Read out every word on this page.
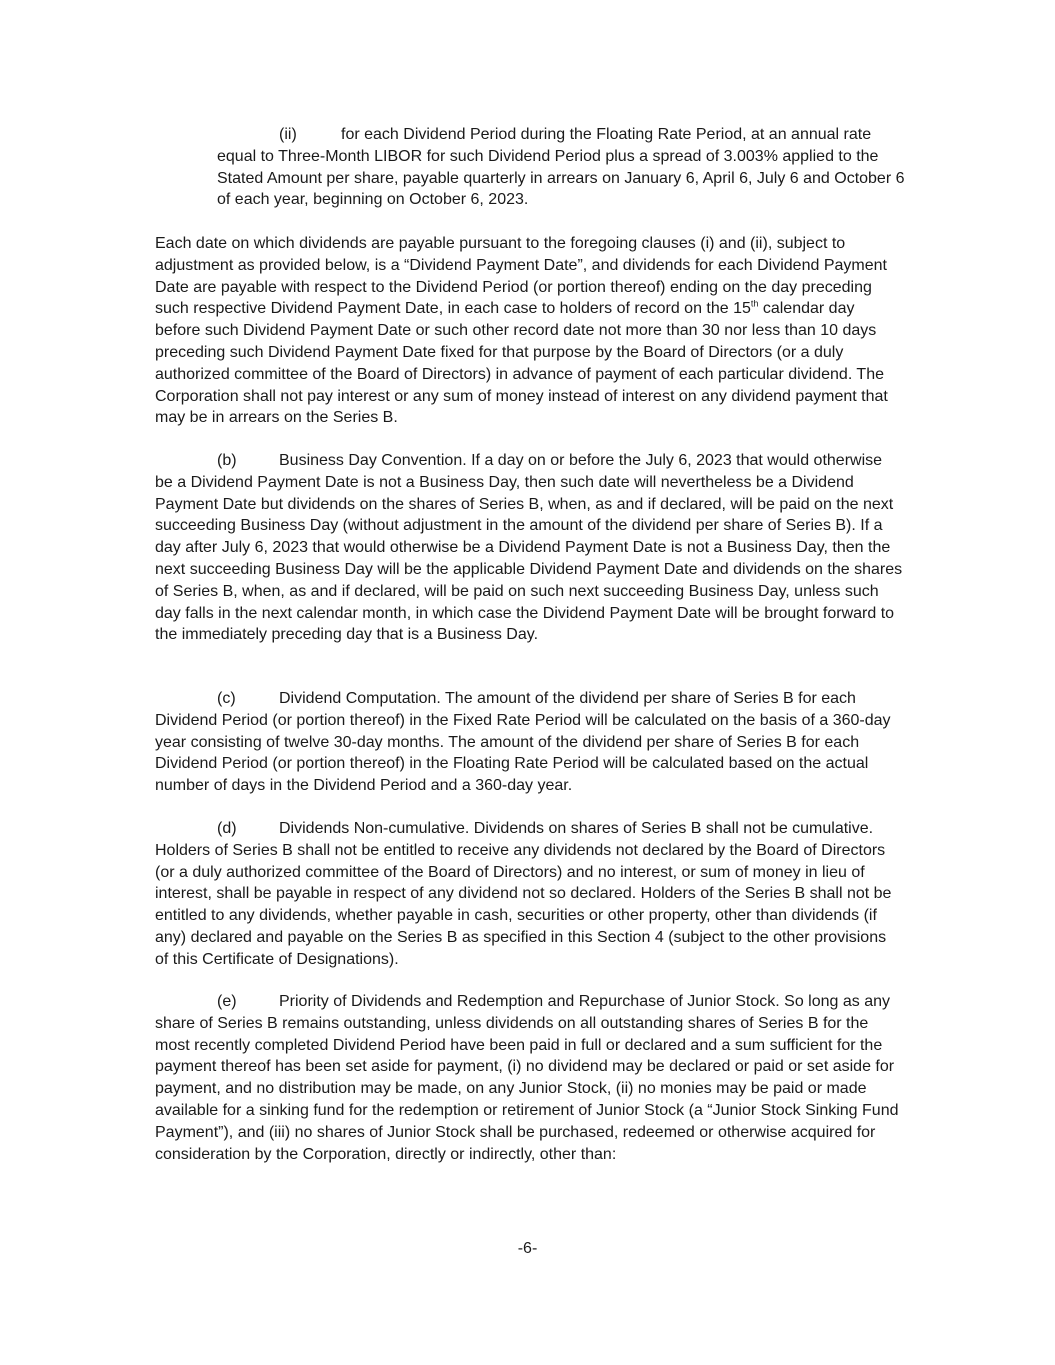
(ii)	for each Dividend Period during the Floating Rate Period, at an annual rate equal to Three-Month LIBOR for such Dividend Period plus a spread of 3.003% applied to the Stated Amount per share, payable quarterly in arrears on January 6, April 6, July 6 and October 6 of each year, beginning on October 6, 2023.

Each date on which dividends are payable pursuant to the foregoing clauses (i) and (ii), subject to adjustment as provided below, is a “Dividend Payment Date”, and dividends for each Dividend Payment Date are payable with respect to the Dividend Period (or portion thereof) ending on the day preceding such respective Dividend Payment Date, in each case to holders of record on the 15th calendar day before such Dividend Payment Date or such other record date not more than 30 nor less than 10 days preceding such Dividend Payment Date fixed for that purpose by the Board of Directors (or a duly authorized committee of the Board of Directors) in advance of payment of each particular dividend. The Corporation shall not pay interest or any sum of money instead of interest on any dividend payment that may be in arrears on the Series B.

(b)	Business Day Convention. If a day on or before the July 6, 2023 that would otherwise be a Dividend Payment Date is not a Business Day, then such date will nevertheless be a Dividend Payment Date but dividends on the shares of Series B, when, as and if declared, will be paid on the next succeeding Business Day (without adjustment in the amount of the dividend per share of Series B). If a day after July 6, 2023 that would otherwise be a Dividend Payment Date is not a Business Day, then the next succeeding Business Day will be the applicable Dividend Payment Date and dividends on the shares of Series B, when, as and if declared, will be paid on such next succeeding Business Day, unless such day falls in the next calendar month, in which case the Dividend Payment Date will be brought forward to the immediately preceding day that is a Business Day.

(c)	Dividend Computation. The amount of the dividend per share of Series B for each Dividend Period (or portion thereof) in the Fixed Rate Period will be calculated on the basis of a 360-day year consisting of twelve 30-day months. The amount of the dividend per share of Series B for each Dividend Period (or portion thereof) in the Floating Rate Period will be calculated based on the actual number of days in the Dividend Period and a 360-day year.

(d)	Dividends Non-cumulative. Dividends on shares of Series B shall not be cumulative. Holders of Series B shall not be entitled to receive any dividends not declared by the Board of Directors (or a duly authorized committee of the Board of Directors) and no interest, or sum of money in lieu of interest, shall be payable in respect of any dividend not so declared. Holders of the Series B shall not be entitled to any dividends, whether payable in cash, securities or other property, other than dividends (if any) declared and payable on the Series B as specified in this Section 4 (subject to the other provisions of this Certificate of Designations).

(e)	Priority of Dividends and Redemption and Repurchase of Junior Stock. So long as any share of Series B remains outstanding, unless dividends on all outstanding shares of Series B for the most recently completed Dividend Period have been paid in full or declared and a sum sufficient for the payment thereof has been set aside for payment, (i) no dividend may be declared or paid or set aside for payment, and no distribution may be made, on any Junior Stock, (ii) no monies may be paid or made available for a sinking fund for the redemption or retirement of Junior Stock (a “Junior Stock Sinking Fund Payment”), and (iii) no shares of Junior Stock shall be purchased, redeemed or otherwise acquired for consideration by the Corporation, directly or indirectly, other than:

-6-
